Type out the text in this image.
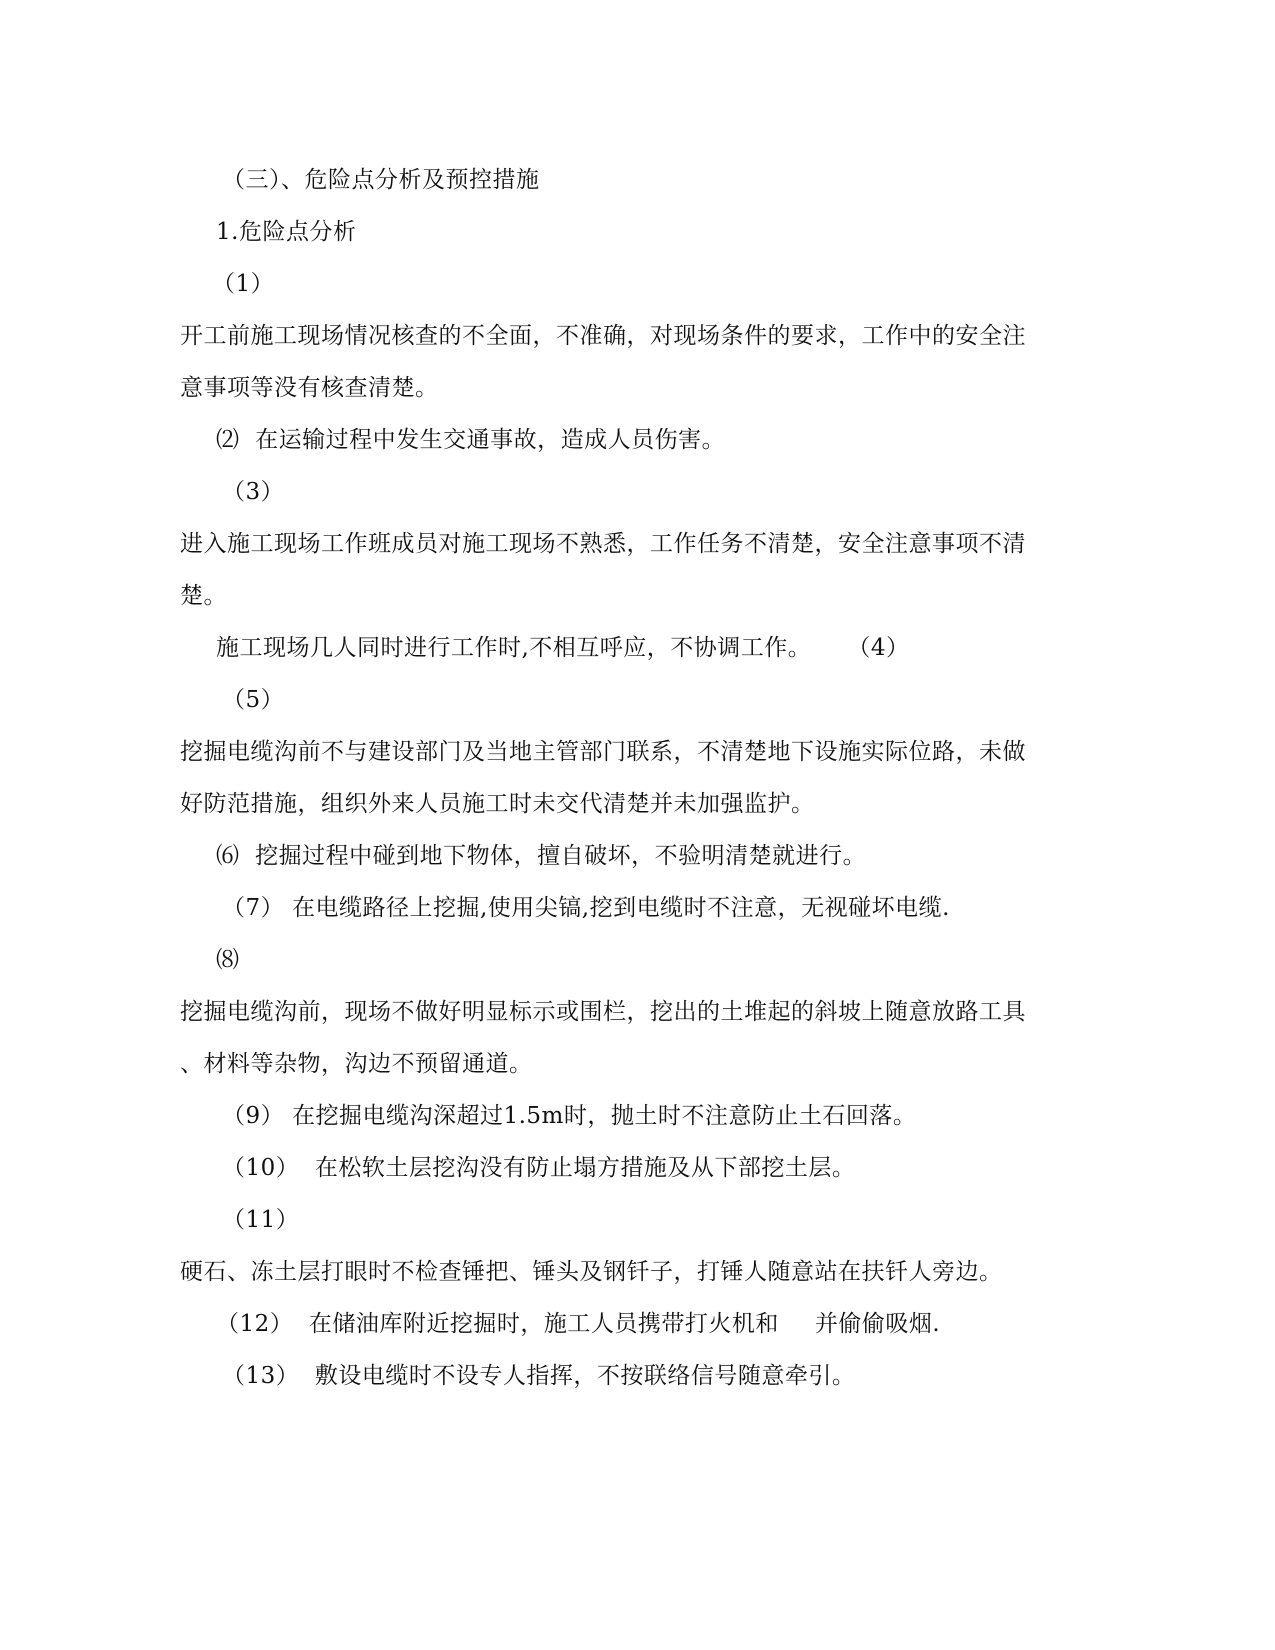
（三）、危险点分析及预控措施
1.危险点分析
（1）
开工前施工现场情况核查的不全面，不准确，对现场条件的要求，工作中的安全注
意事项等没有核查清楚。
⑵ 在运输过程中发生交通事故，造成人员伤害。
（3）
进入施工现场工作班成员对施工现场不熟悉，工作任务不清楚，安全注意事项不清
楚。
施工现场几人同时进行工作时,不相互呼应，不协调工作。 （4）
（5）
挖掘电缆沟前不与建设部门及当地主管部门联系，不清楚地下设施实际位路，未做
好防范措施，组织外来人员施工时未交代清楚并未加强监护。
⑹ 挖掘过程中碰到地下物体，擅自破坏，不验明清楚就进行。
（7） 在电缆路径上挖掘,使用尖镐,挖到电缆时不注意，无视碰坏电缆.
⑻
挖掘电缆沟前，现场不做好明显标示或围栏，挖出的土堆起的斜坡上随意放路工具
、材料等杂物，沟边不预留通道。
（9） 在挖掘电缆沟深超过1.5m时，抛土时不注意防止土石回落。
（10） 在松软土层挖沟没有防止塌方措施及从下部挖土层。
（11）
硬石、冻土层打眼时不检查锤把、锤头及钢钎子，打锤人随意站在扶钎人旁边。
（12） 在储油库附近挖掘时，施工人员携带打火机和 并偷偷吸烟.
（13） 敷设电缆时不设专人指挥，不按联络信号随意牵引。
